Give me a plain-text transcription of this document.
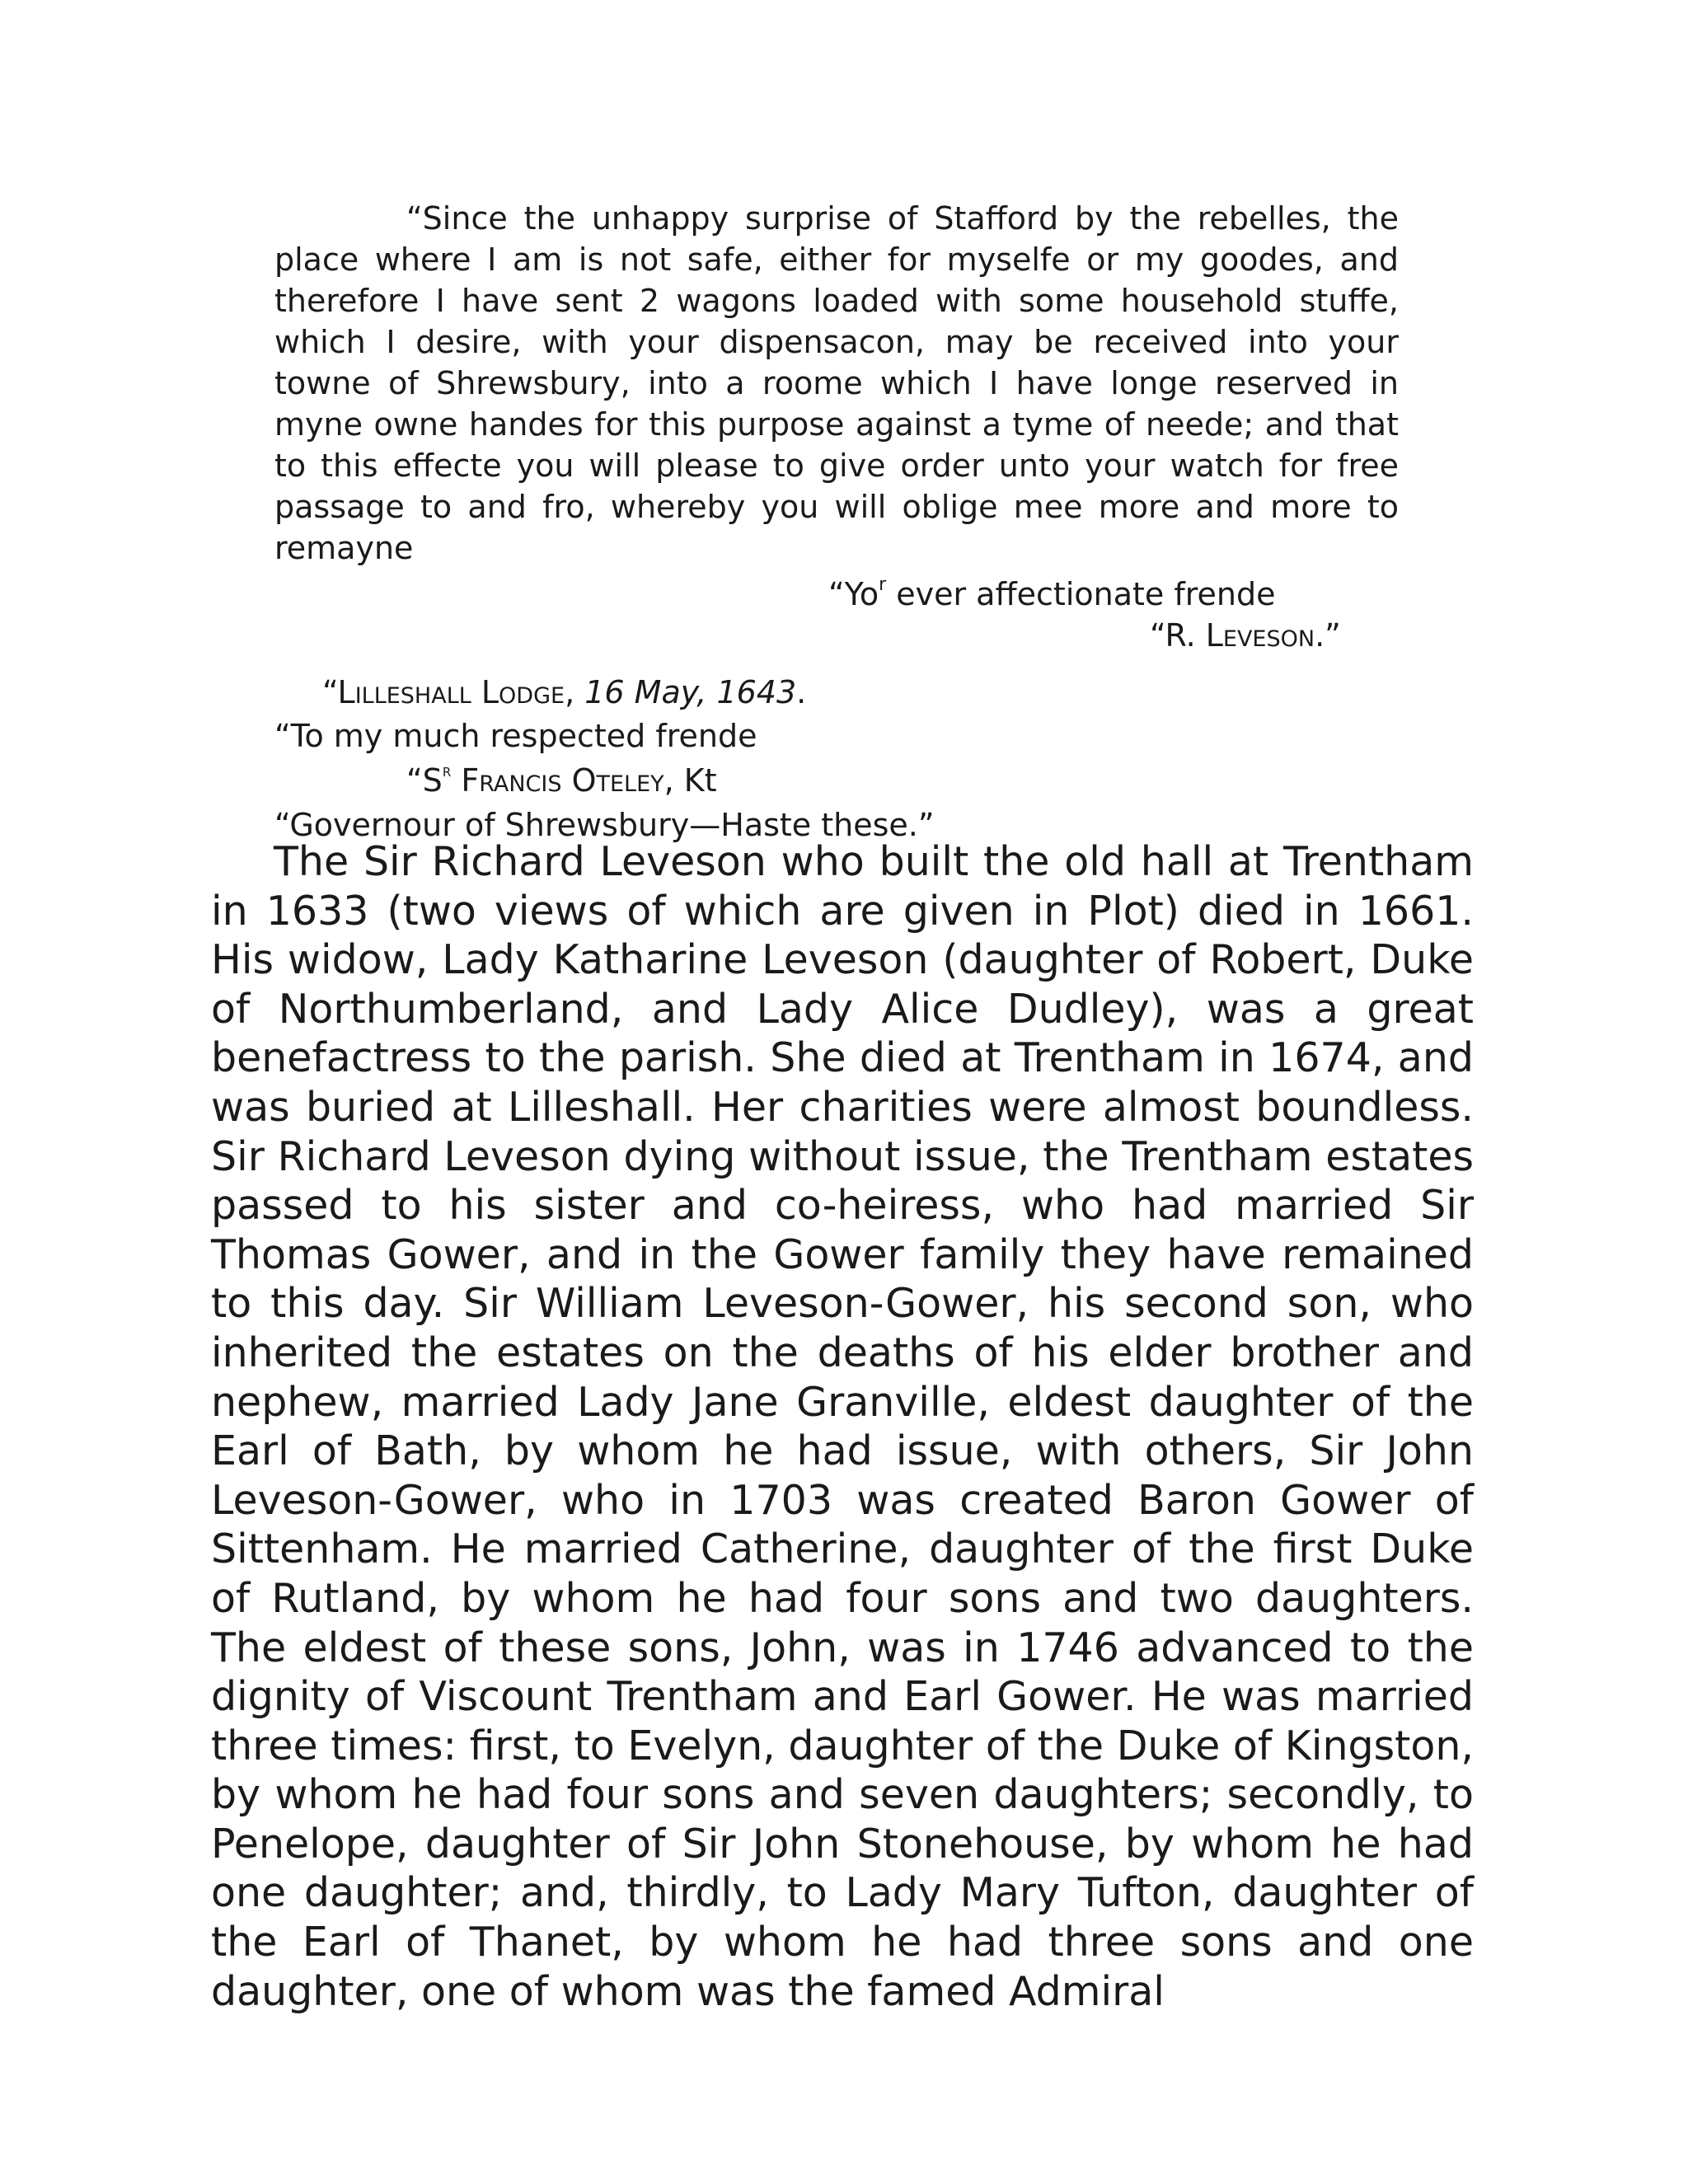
“Since the unhappy surprise of Stafford by the rebelles, the place where I am is not safe, either for myselfe or my goodes, and therefore I have sent 2 wagons loaded with some household stuffe, which I desire, with your dispensacon, may be received into your towne of Shrewsbury, into a roome which I have longe reserved in myne owne handes for this purpose against a tyme of neede; and that to this effecte you will please to give order unto your watch for free passage to and fro, whereby you will oblige mee more and more to remayne

“Yo$^r$ ever affectionate frende

“R. Leveson.”

“Lilleshall Lodge, 16 May, 1643.

“To my much respected frende

“$S^r$ Francis Oteley, Kt

“Governour of Shrewsbury—Haste these.”

The Sir Richard Leveson who built the old hall at Trentham in 1633 (two views of which are given in Plot) died in 1661. His widow, Lady Katharine Leveson (daughter of Robert, Duke of Northumberland, and Lady Alice Dudley), was a great benefactress to the parish. She died at Trentham in 1674, and was buried at Lilleshall. Her charities were almost boundless. Sir Richard Leveson dying without issue, the Trentham estates passed to his sister and co-heiress, who had married Sir Thomas Gower, and in the Gower family they have remained to this day. Sir William Leveson-Gower, his second son, who inherited the estates on the deaths of his elder brother and nephew, married Lady Jane Granville, eldest daughter of the Earl of Bath, by whom he had issue, with others, Sir John Leveson-Gower, who in 1703 was created Baron Gower of Sittenham. He married Catherine, daughter of the first Duke of Rutland, by whom he had four sons and two daughters. The eldest of these sons, John, was in 1746 advanced to the dignity of Viscount Trentham and Earl Gower. He was married three times: first, to Evelyn, daughter of the Duke of Kingston, by whom he had four sons and seven daughters; secondly, to Penelope, daughter of Sir John Stonehouse, by whom he had one daughter; and, thirdly, to Lady Mary Tufton, daughter of the Earl of Thanet, by whom he had three sons and one daughter, one of whom was the famed Admiral
